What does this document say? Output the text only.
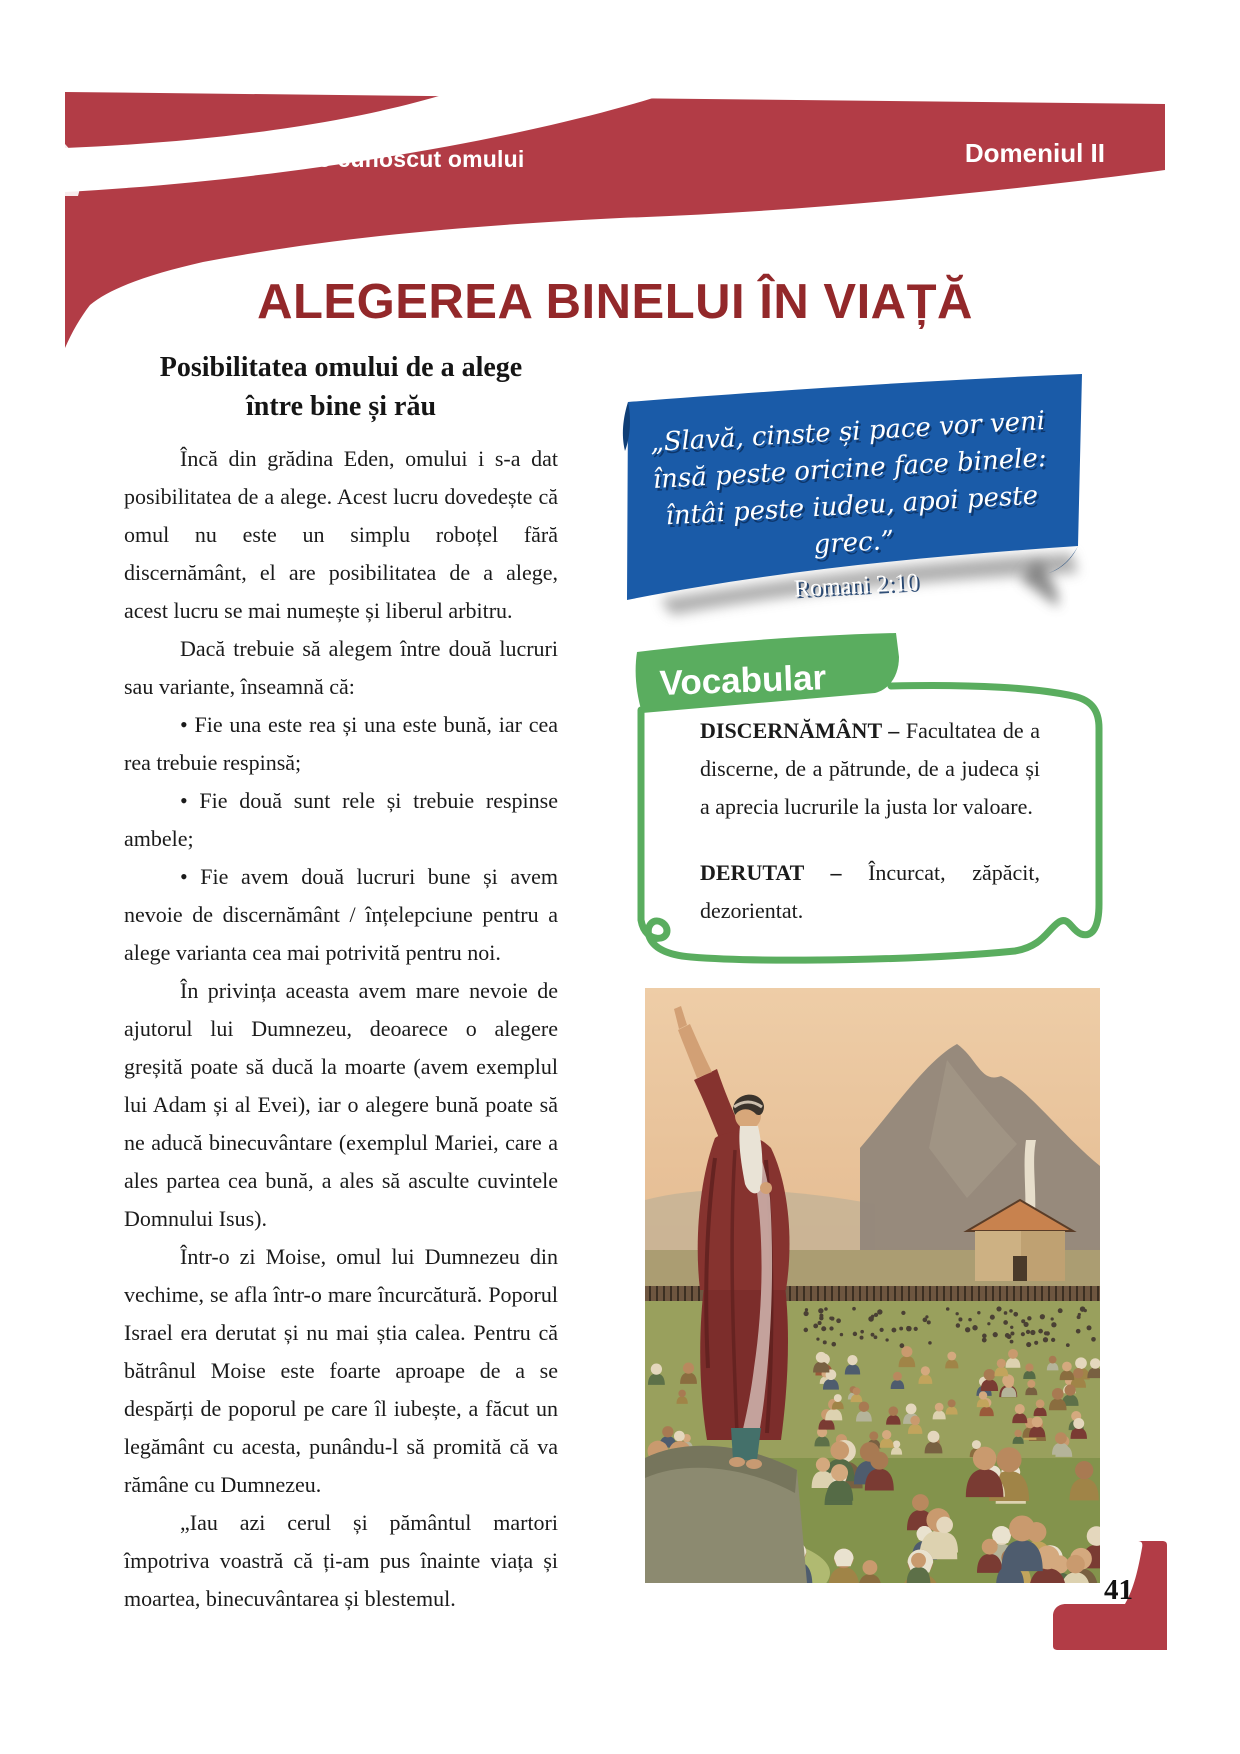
Dumnezeu se face cunoscut omului	Domeniul II
ALEGEREA BINELUI ÎN VIAȚĂ
Posibilitatea omului de a alege
între bine și rău

Încă din grădina Eden, omului i s-a dat posibilitatea de a alege. Acest lucru dovedește că omul nu este un simplu roboțel fără discernământ, el are posibilitatea de a alege, acest lucru se mai numește și liberul arbitru.

Dacă trebuie să alegem între două lucruri sau variante, înseamnă că:

• Fie una este rea și una este bună, iar cea rea trebuie respinsă;

• Fie două sunt rele și trebuie respinse ambele;

• Fie avem două lucruri bune și avem nevoie de discernământ / înțelepciune pentru a alege varianta cea mai potrivită pentru noi.

În privința aceasta avem mare nevoie de ajutorul lui Dumnezeu, deoarece o alegere greșită poate să ducă la moarte (avem exemplul lui Adam și al Evei), iar o alegere bună poate să ne aducă binecuvântare (exemplul Mariei, care a ales partea cea bună, a ales să asculte cuvintele Domnului Isus).

Într-o zi Moise, omul lui Dumnezeu din vechime, se afla într-o mare încurcătură. Poporul Israel era derutat și nu mai știa calea. Pentru că bătrânul Moise este foarte aproape de a se despărți de poporul pe care îl iubește, a făcut un legământ cu acesta, punându-l să promită că va rămâne cu Dumnezeu.

„Iau azi cerul și pământul martori împotriva voastră că ți-am pus înainte viața și moartea, binecuvântarea și blestemul.

„Slavă, cinste și pace vor veni însă peste oricine face binele: întâi peste iudeu, apoi peste grec.”
Romani 2:10
Vocabular
DISCERNĂMÂNT – Facultatea de a discerne, de a pătrunde, de a judeca și a aprecia lucrurile la justa lor valoare.
DERUTAT – Încurcat, zăpăcit, dezorientat.
41
